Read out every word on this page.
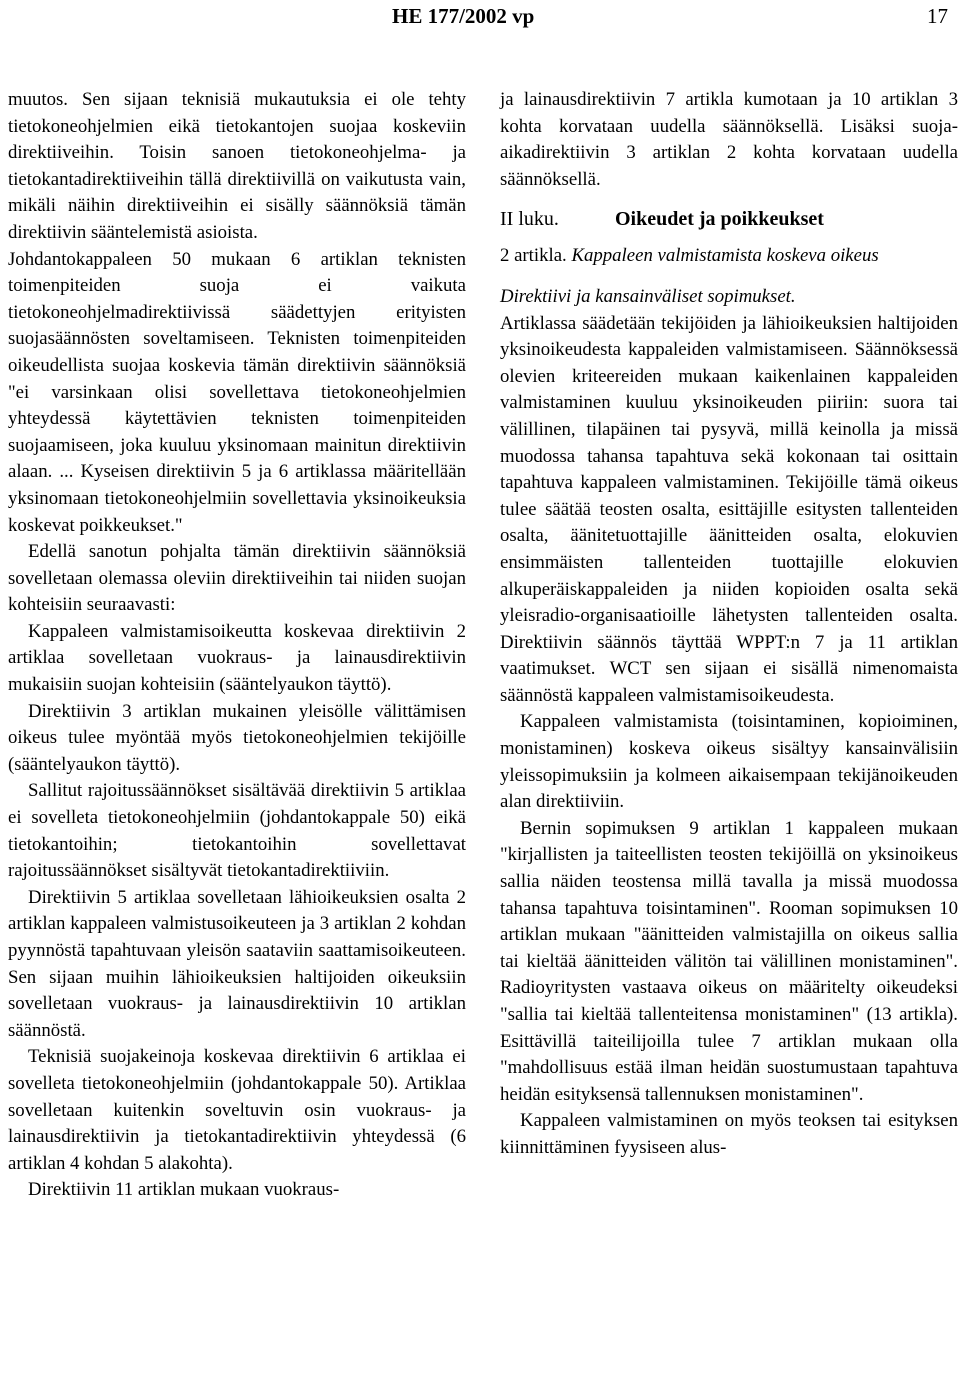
HE 177/2002 vp	17

muutos. Sen sijaan teknisiä mukautuksia ei ole tehty tietokoneohjelmien eikä tietokantojen suojaa koskeviin direktiiveihin. Toisin sanoen tietokoneohjelma- ja tietokantadirektiiveihin tällä direktiivillä on vaikutusta vain, mikäli näihin direktiiveihin ei sisälly säännöksiä tämän direktiivin sääntelemistä asioista.

Johdantokappaleen 50 mukaan 6 artiklan teknisten toimenpiteiden suoja ei vaikuta tietokoneohjelmadirektiivissä säädettyjen erityisten suojasäännösten soveltamiseen. Teknisten toimenpiteiden oikeudellista suojaa koskevia tämän direktiivin säännöksiä "ei varsinkaan olisi sovellettava tietokoneohjelmien yhteydessä käytettävien teknisten toimenpiteiden suojaamiseen, joka kuuluu yksinomaan mainitun direktiivin alaan. ... Kyseisen direktiivin 5 ja 6 artiklassa määritellään yksinomaan tietokoneohjelmiin sovellettavia yksinoikeuksia koskevat poikkeukset."

Edellä sanotun pohjalta tämän direktiivin säännöksiä sovelletaan olemassa oleviin direktiiveihin tai niiden suojan kohteisiin seuraavasti:

Kappaleen valmistamisoikeutta koskevaa direktiivin 2 artiklaa sovelletaan vuokraus- ja lainausdirektiivin mukaisiin suojan kohteisiin (sääntelyaukon täyttö).

Direktiivin 3 artiklan mukainen yleisölle välittämisen oikeus tulee myöntää myös tietokoneohjelmien tekijöille (sääntelyaukon täyttö).

Sallitut rajoitussäännökset sisältävää direktiivin 5 artiklaa ei sovelleta tietokoneohjelmiin (johdantokappale 50) eikä tietokantoihin; tietokantoihin sovellettavat rajoitussäännökset sisältyvät tietokantadirektiiviin.

Direktiivin 5 artiklaa sovelletaan lähioikeuksien osalta 2 artiklan kappaleen valmistusoikeuteen ja 3 artiklan 2 kohdan pyynnöstä tapahtuvaan yleisön saataviin saattamisoikeuteen. Sen sijaan muihin lähioikeuksien haltijoiden oikeuksiin sovelletaan vuokraus- ja lainausdirektiivin 10 artiklan säännöstä.

Teknisiä suojakeinoja koskevaa direktiivin 6 artiklaa ei sovelleta tietokoneohjelmiin (johdantokappale 50). Artiklaa sovelletaan kuitenkin soveltuvin osin vuokraus- ja lainausdirektiivin ja tietokantadirektiivin yhteydessä (6 artiklan 4 kohdan 5 alakohta).

Direktiivin 11 artiklan mukaan vuokraus-

ja lainausdirektiivin 7 artikla kumotaan ja 10 artiklan 3 kohta korvataan uudella säännöksellä. Lisäksi suoja-aikadirektiivin 3 artiklan 2 kohta korvataan uudella säännöksellä.

II luku.	Oikeudet ja poikkeukset

2 artikla. Kappaleen valmistamista koskeva oikeus

Direktiivi ja kansainväliset sopimukset.

Artiklassa säädetään tekijöiden ja lähioikeuksien haltijoiden yksinoikeudesta kappaleiden valmistamiseen. Säännöksessä olevien kriteereiden mukaan kaikenlainen kappaleiden valmistaminen kuuluu yksinoikeuden piiriin: suora tai välillinen, tilapäinen tai pysyvä, millä keinolla ja missä muodossa tahansa tapahtuva sekä kokonaan tai osittain tapahtuva kappaleen valmistaminen. Tekijöille tämä oikeus tulee säätää teosten osalta, esittäjille esitysten tallenteiden osalta, äänitetuottajille äänitteiden osalta, elokuvien ensimmäisten tallenteiden tuottajille elokuvien alkuperäiskappaleiden ja niiden kopioiden osalta sekä yleisradio-organisaatioille lähetysten tallenteiden osalta. Direktiivin säännös täyttää WPPT:n 7 ja 11 artiklan vaatimukset. WCT sen sijaan ei sisällä nimenomaista säännöstä kappaleen valmistamisoikeudesta.

Kappaleen valmistamista (toisintaminen, kopioiminen, monistaminen) koskeva oikeus sisältyy kansainvälisiin yleissopimuksiin ja kolmeen aikaisempaan tekijänoikeuden alan direktiiviin.

Bernin sopimuksen 9 artiklan 1 kappaleen mukaan "kirjallisten ja taiteellisten teosten tekijöillä on yksinoikeus sallia näiden teostensa millä tavalla ja missä muodossa tahansa tapahtuva toisintaminen". Rooman sopimuksen 10 artiklan mukaan "äänitteiden valmistajilla on oikeus sallia tai kieltää äänitteiden välitön tai välillinen monistaminen". Radioyritysten vastaava oikeus on määritelty oikeudeksi "sallia tai kieltää tallenteitensa monistaminen" (13 artikla). Esittävillä taiteilijoilla tulee 7 artiklan mukaan olla "mahdollisuus estää ilman heidän suostumustaan tapahtuva heidän esityksensä tallennuksen monistaminen".

Kappaleen valmistaminen on myös teoksen tai esityksen kiinnittäminen fyysiseen alus-
